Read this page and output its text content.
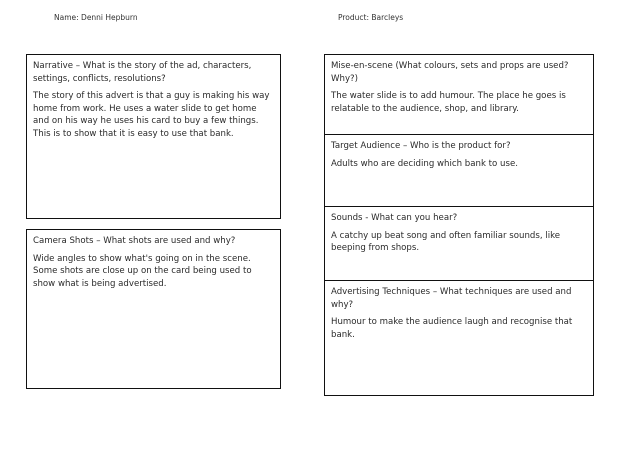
Name: Denni Hepburn	Product: Barcleys

Narrative – What is the story of the ad, characters, settings, conflicts, resolutions?

The story of this advert is that a guy is making his way home from work. He uses a water slide to get home and on his way he uses his card to buy a few things. This is to show that it is easy to use that bank.

Camera Shots – What shots are used and why?

Wide angles to show what's going on in the scene. Some shots are close up on the card being used to show what is being advertised.

Mise-en-scene (What colours, sets and props are used? Why?)

The water slide is to add humour. The place he goes is relatable to the audience, shop, and library.

Target Audience – Who is the product for?

Adults who are deciding which bank to use.

Sounds - What can you hear?

A catchy up beat song and often familiar sounds, like beeping from shops.

Advertising Techniques – What techniques are used and why?

Humour to make the audience laugh and recognise that bank.
